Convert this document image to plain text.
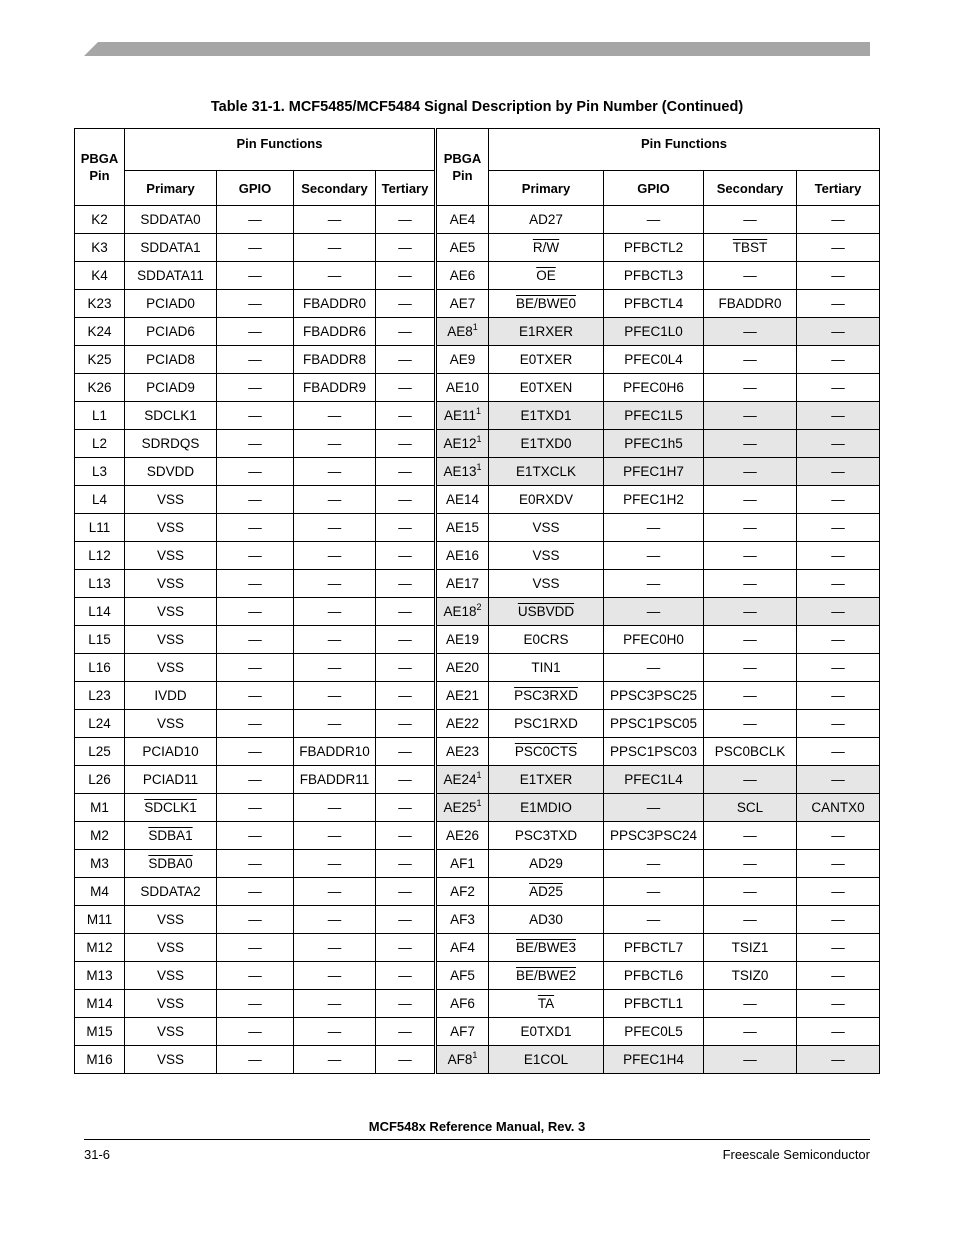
Table 31-1. MCF5485/MCF5484 Signal Description by Pin Number (Continued)
PBGA Pin	Pin Functions				PBGA Pin	Pin Functions			
	Primary	GPIO	Secondary	Tertiary		Primary	GPIO	Secondary	Tertiary
K2	SDDATA0	—	—	—	AE4	AD27	—	—	—
K3	SDDATA1	—	—	—	AE5	R/W	PFBCTL2	TBST	—
K4	SDDATA11	—	—	—	AE6	$\overline{OE}$	PFBCTL3	—	—
K23	PCIAD0	—	FBADDR0	—	AE7	BE/BWE0	PFBCTL4	FBADDR0	—
K24	PCIAD6	—	FBADDR6	—	$AE8^1$	E1RXER	PFEC1L0	—	—
K25	PCIAD8	—	FBADDR8	—	AE9	E0TXER	PFEC0L4	—	—
K26	PCIAD9	—	FBADDR9	—	AE10	E0TXEN	PFEC0H6	—	—
L1	SDCLK1	—	—	—	$AE11^1$	E1TXD1	PFEC1L5	—	—
L2	SDRDQS	—	—	—	$AE12^1$	E1TXD0	PFEC1h5	—	—
L3	SDVDD	—	—	—	$AE13^1$	E1TXCLK	PFEC1H7	—	—
L4	VSS	—	—	—	AE14	E0RXDV	PFEC1H2	—	—
L11	VSS	—	—	—	AE15	VSS	—	—	—
L12	VSS	—	—	—	AE16	VSS	—	—	—
L13	VSS	—	—	—	AE17	VSS	—	—	—
L14	VSS	—	—	—	$AE18^2$	USBVDD	—	—	—
L15	VSS	—	—	—	AE19	E0CRS	PFEC0H0	—	—
L16	VSS	—	—	—	AE20	TIN1	—	—	—
L23	IVDD	—	—	—	AE21	PSC3RXD	PPSC3PSC25	—	—
L24	VSS	—	—	—	AE22	PSC1RXD	PPSC1PSC05	—	—
L25	PCIAD10	—	FBADDR10	—	AE23	PSC0CTS	PPSC1PSC03	PSC0BCLK	—
L26	PCIAD11	—	FBADDR11	—	$AE24^1$	E1TXER	PFEC1L4	—	—
M1	SDCLK1	—	—	—	$AE25^1$	E1MDIO	—	SCL	CANTX0
M2	SDBA1	—	—	—	AE26	PSC3TXD	PPSC3PSC24	—	—
M3	SDBA0	—	—	—	AF1	AD29	—	—	—
M4	SDDATA2	—	—	—	AF2	AD25	—	—	—
M11	VSS	—	—	—	AF3	AD30	—	—	—
M12	VSS	—	—	—	AF4	BE/BWE3	PFBCTL7	TSIZ1	—
M13	VSS	—	—	—	AF5	BE/BWE2	PFBCTL6	TSIZ0	—
M14	VSS	—	—	—	AF6	$\overline{TA}$	PFBCTL1	—	—
M15	VSS	—	—	—	AF7	E0TXD1	PFEC0L5	—	—
M16	VSS	—	—	—	$AF8^1$	E1COL	PFEC1H4	—	—
MCF548x Reference Manual, Rev. 3
31-6	Freescale Semiconductor
